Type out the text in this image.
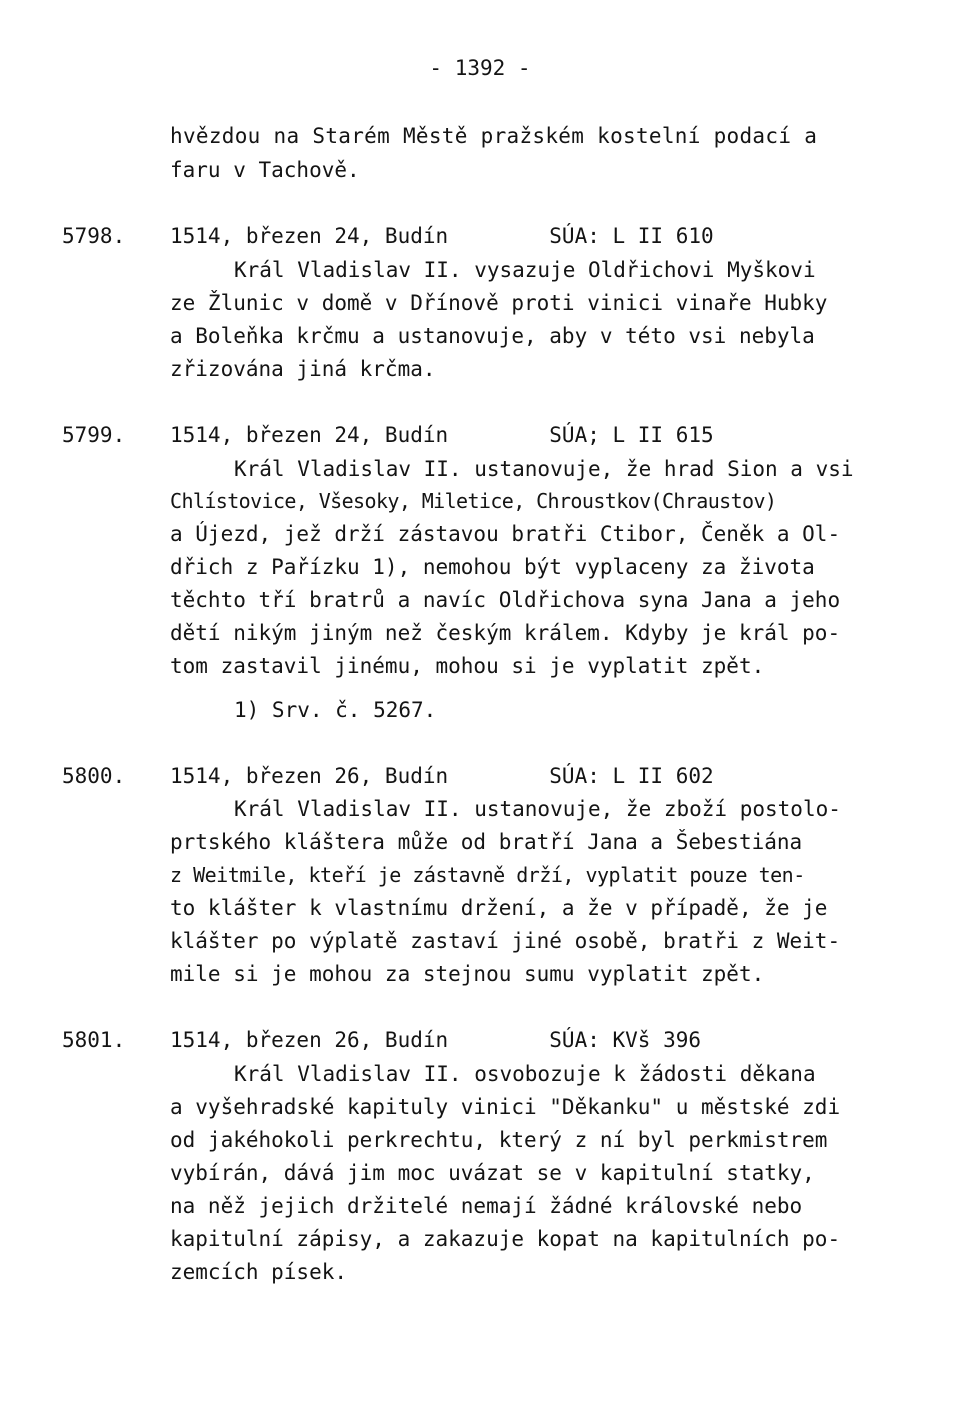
- 1392 -
hvězdou na Starém Městě pražském kostelní podací a
faru v Tachově.
5798. 1514, březen 24, Budín        SÚA: L II 610
Král Vladislav II. vysazuje Oldřichovi Myškovi
ze Žlunic v domě v Dřínově proti vinici vinaře Hubky
a Boleňka krčmu a ustanovuje, aby v této vsi nebyla
zřizována jiná krčma.
5799. 1514, březen 24, Budín        SÚA; L II 615
Král Vladislav II. ustanovuje, že hrad Sion a vsi
Chlístovice, Všesoky, Miletice, Chroustkov(Chraustov)
a Újezd, jež drží zástavou bratři Ctibor, Čeněk a Ol-
dřich z Pařízku 1), nemohou být vyplaceny za života
těchto tří bratrů a navíc Oldřichova syna Jana a jeho
dětí nikým jiným než českým králem. Kdyby je král po-
tom zastavil jinému, mohou si je vyplatit zpět.
1) Srv. č. 5267.
5800. 1514, březen 26, Budín        SÚA: L II 602
Král Vladislav II. ustanovuje, že zboží postolo-
prtského kláštera může od bratří Jana a Šebestiána
z Weitmile, kteří je zástavně drží, vyplatit pouze ten-
to klášter k vlastnímu držení, a že v případě, že je
klášter po výplatě zastaví jiné osobě, bratři z Weit-
mile si je mohou za stejnou sumu vyplatit zpět.
5801. 1514, březen 26, Budín        SÚA: KVš 396
Král Vladislav II. osvobozuje k žádosti děkana
a vyšehradské kapituly vinici "Děkanku" u městské zdi
od jakéhokoli perkrechtu, který z ní byl perkmistrem
vybírán, dává jim moc uvázat se v kapitulní statky,
na něž jejich držitelé nemají žádné královské nebo
kapitulní zápisy, a zakazuje kopat na kapitulních po-
zemcích písek.
